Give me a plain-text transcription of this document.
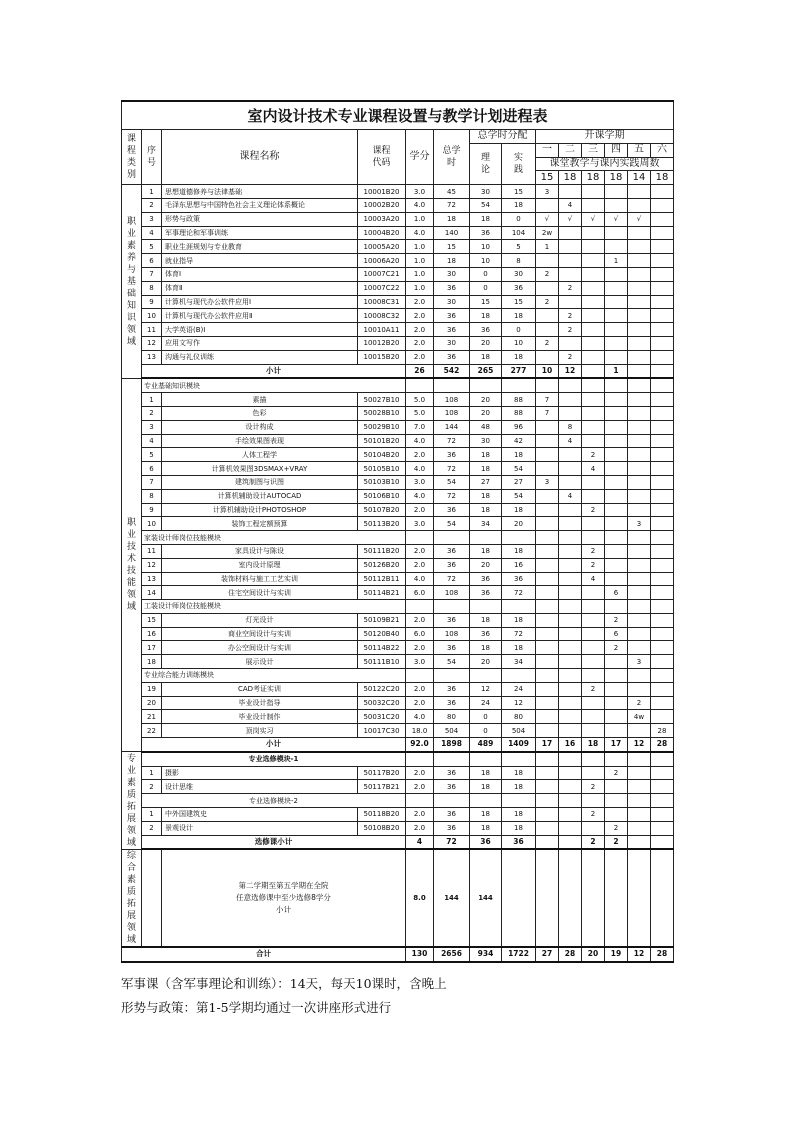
室内设计技术专业课程设置与教学计划进程表													

课程类别	序号	课程名称	课程代码	学分	总学时	总学时分配		开课学期					

						理论	实践	一	二	三	四	五	六
								课堂教学与课内实践周数					
								15	18	18	18	14	18

职业素养与基础知识领域	1	思想道德修养与法律基础	10001B20	3.0	45	30	15	3					
	2	毛泽东思想与中国特色社会主义理论体系概论	10002B20	4.0	72	54	18		4				
	3	形势与政策	10003A20	1.0	18	18	0	√	√	√	√	√	
	4	军事理论和军事训练	10004B20	4.0	140	36	104	2w					
	5	职业生涯规划与专业教育	10005A20	1.0	15	10	5	1					
	6	就业指导	10006A20	1.0	18	10	8				1		
	7	体育Ⅰ	10007C21	1.0	30	0	30	2					
	8	体育Ⅱ	10007C22	1.0	36	0	36		2				
	9	计算机与现代办公软件应用Ⅰ	10008C31	2.0	30	15	15	2					
	10	计算机与现代办公软件应用Ⅱ	10008C32	2.0	36	18	18		2				
	11	大学英语(B)Ⅰ	10010A11	2.0	36	36	0		2				
	12	应用文写作	10012B20	2.0	30	20	10	2					
	13	沟通与礼仪训练	10015B20	2.0	36	18	18		2				
	小计			26	542	265	277	10	12		1		

职业技术技能领域	专业基础知识模块												
	1	素描	50027B10	5.0	108	20	88	7					
	2	色彩	50028B10	5.0	108	20	88	7					
	3	设计构成	50029B10	7.0	144	48	96		8				
	4	手绘效果图表现	50101B20	4.0	72	30	42		4				
	5	人体工程学	50104B20	2.0	36	18	18			2			
	6	计算机效果图3DSMAX+VRAY	50105B10	4.0	72	18	54			4			
	7	建筑制图与识图	50103B10	3.0	54	27	27	3					
	8	计算机辅助设计AUTOCAD	50106B10	4.0	72	18	54		4				
	9	计算机辅助设计PHOTOSHOP	50107B20	2.0	36	18	18			2			
	10	装饰工程定额预算	50113B20	3.0	54	34	20					3	
	家装设计师岗位技能模块												
	11	家具设计与陈设	50111B20	2.0	36	18	18			2			
	12	室内设计原理	50126B20	2.0	36	20	16			2			
	13	装饰材料与施工工艺实训	50112B11	4.0	72	36	36			4			
	14	住宅空间设计与实训	50114B21	6.0	108	36	72				6		
	工装设计师岗位技能模块												
	15	灯光设计	50109B21	2.0	36	18	18				2		
	16	商业空间设计与实训	50120B40	6.0	108	36	72				6		
	17	办公空间设计与实训	50114B22	2.0	36	18	18				2		
	18	展示设计	50111B10	3.0	54	20	34					3	
	专业综合能力训练模块												
	19	CAD考证实训	50122C20	2.0	36	12	24			2			
	20	毕业设计指导	50032C20	2.0	36	24	12					2	
	21	毕业设计制作	50031C20	4.0	80	0	80					4w	
	22	顶岗实习	10017C30	18.0	504	0	504						28
	小计			92.0	1898	489	1409	17	16	18	17	12	28

专业素质拓展领域	专业选修模块-1												
	1	摄影	50117B20	2.0	36	18	18				2		
	2	设计思维	50117B21	2.0	36	18	18			2			
	专业选修模块-2												
	1	中外国建筑史	50118B20	2.0	36	18	18			2			
	2	景观设计	50108B20	2.0	36	18	18				2		
	选修课小计			4	72	36	36			2	2		

综合素质拓展领域		第二学期至第五学期在全院
任意选修课中至少选修8学分
小计		8.0	144	144							
合计				130	2656	934	1722	27	28	20	19	12	28
军事课（含军事理论和训练）：14天，每天10课时，含晚上
形势与政策：第1-5学期均通过一次讲座形式进行
